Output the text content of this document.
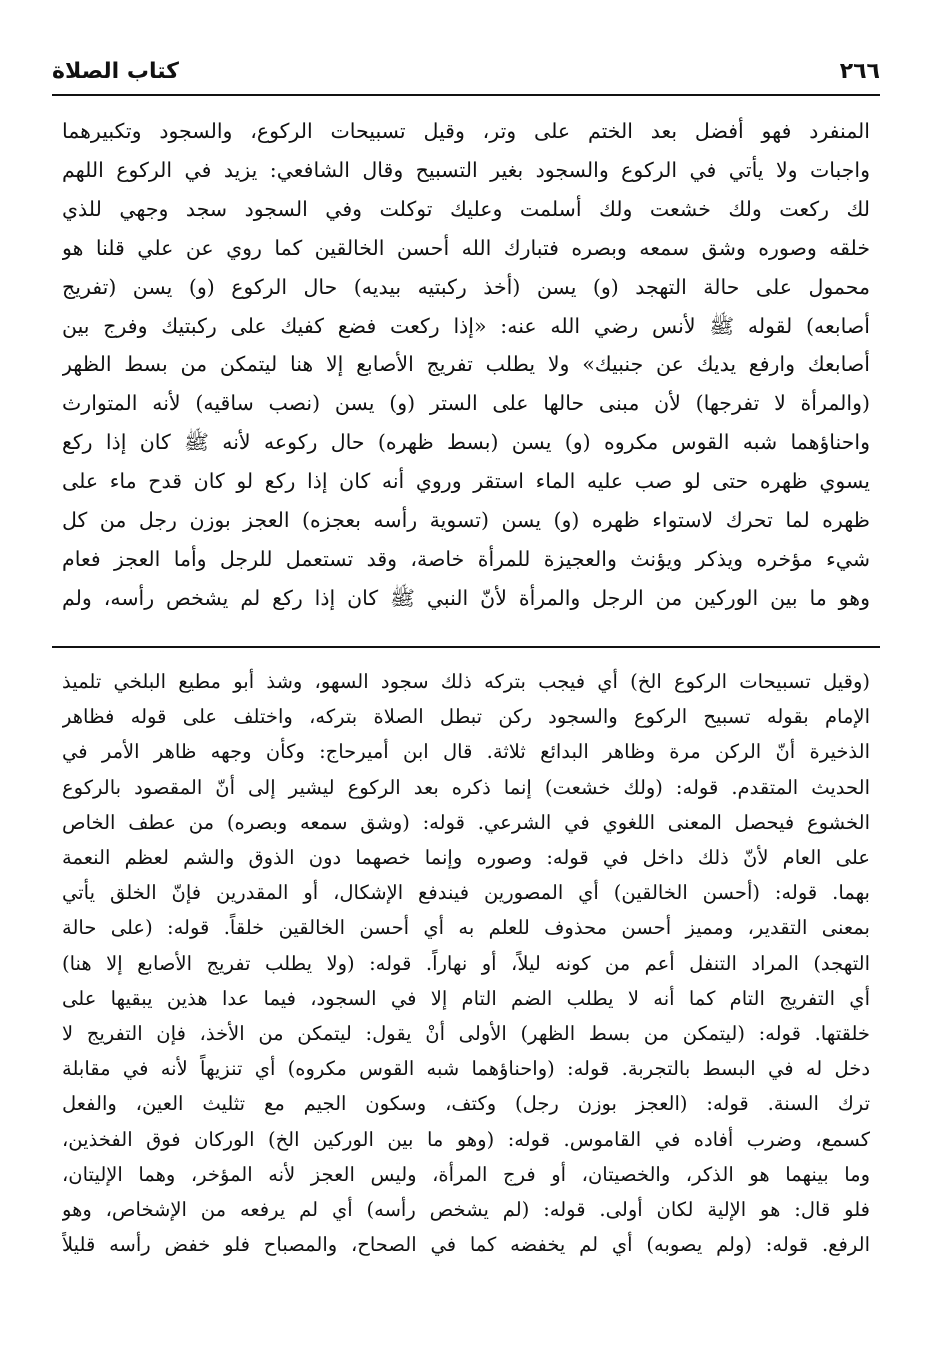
كتاب الصلاة	٢٦٦
المنفرد فهو أفضل بعد الختم على وتر، وقيل تسبيحات الركوع، والسجود وتكبيرهما
واجبات ولا يأتي في الركوع والسجود بغير التسبيح وقال الشافعي: يزيد في الركوع اللهم
لك ركعت ولك خشعت ولك أسلمت وعليك توكلت وفي السجود سجد وجهي للذي
خلقه وصوره وشق سمعه وبصره فتبارك الله أحسن الخالقين كما روي عن علي قلنا هو
محمول على حالة التهجد (و) يسن (أخذ ركبتيه بيديه) حال الركوع (و) يسن (تفريج
أصابعه) لقوله ﷺ لأنس رضي الله عنه: «إذا ركعت فضع كفيك على ركبتيك وفرج بين
أصابعك وارفع يديك عن جنبيك» ولا يطلب تفريج الأصابع إلا هنا ليتمكن من بسط الظهر
(والمرأة لا تفرجها) لأن مبنى حالها على الستر (و) يسن (نصب ساقيه) لأنه المتوارث
واحناؤهما شبه القوس مكروه (و) يسن (بسط ظهره) حال ركوعه لأنه ﷺ كان إذا ركع
يسوي ظهره حتى لو صب عليه الماء استقر وروي أنه كان إذا ركع لو كان قدح ماء على
ظهره لما تحرك لاستواء ظهره (و) يسن (تسوية رأسه بعجزه) العجز بوزن رجل من كل
شيء مؤخره ويذكر ويؤنث والعجيزة للمرأة خاصة، وقد تستعمل للرجل وأما العجز فعام
وهو ما بين الوركين من الرجل والمرأة لأنّ النبي ﷺ كان إذا ركع لم يشخص رأسه، ولم
(وقيل تسبيحات الركوع الخ) أي فيجب بتركه ذلك سجود السهو، وشذ أبو مطيع البلخي تلميذ
الإمام بقوله تسبيح الركوع والسجود ركن تبطل الصلاة بتركه، واختلف على قوله فظاهر
الذخيرة أنّ الركن مرة وظاهر البدائع ثلاثة. قال ابن أميرحاج: وكأن وجهه ظاهر الأمر في
الحديث المتقدم. قوله: (ولك خشعت) إنما ذكره بعد الركوع ليشير إلى أنّ المقصود بالركوع
الخشوع فيحصل المعنى اللغوي في الشرعي. قوله: (وشق سمعه وبصره) من عطف الخاص
على العام لأنّ ذلك داخل في قوله: وصوره وإنما خصهما دون الذوق والشم لعظم النعمة
بهما. قوله: (أحسن الخالقين) أي المصورين فيندفع الإشكال، أو المقدرين فإنّ الخلق يأتي
بمعنى التقدير، ومميز أحسن محذوف للعلم به أي أحسن الخالقين خلقاً. قوله: (على حالة
التهجد) المراد التنفل أعم من كونه ليلاً، أو نهاراً. قوله: (ولا يطلب تفريج الأصابع إلا هنا)
أي التفريج التام كما أنه لا يطلب الضم التام إلا في السجود، فيما عدا هذين يبقيها على
خلقتها. قوله: (ليتمكن من بسط الظهر) الأولى أنْ يقول: ليتمكن من الأخذ، فإن التفريج لا
دخل له في البسط بالتجربة. قوله: (واحناؤهما شبه القوس مكروه) أي تنزيهاً لأنه في مقابلة
ترك السنة. قوله: (العجز بوزن رجل) وكتف، وسكون الجيم مع تثليث العين، والفعل
كسمع، وضرب أفاده في القاموس. قوله: (وهو ما بين الوركين الخ) الوركان فوق الفخذين،
وما بينهما هو الذكر، والخصيتان، أو فرج المرأة، وليس العجز لأنه المؤخر، وهما الإليتان،
فلو قال: هو الإلية لكان أولى. قوله: (لم يشخص رأسه) أي لم يرفعه من الإشخاص، وهو
الرفع. قوله: (ولم يصوبه) أي لم يخفضه كما في الصحاح، والمصباح فلو خفض رأسه قليلاً
